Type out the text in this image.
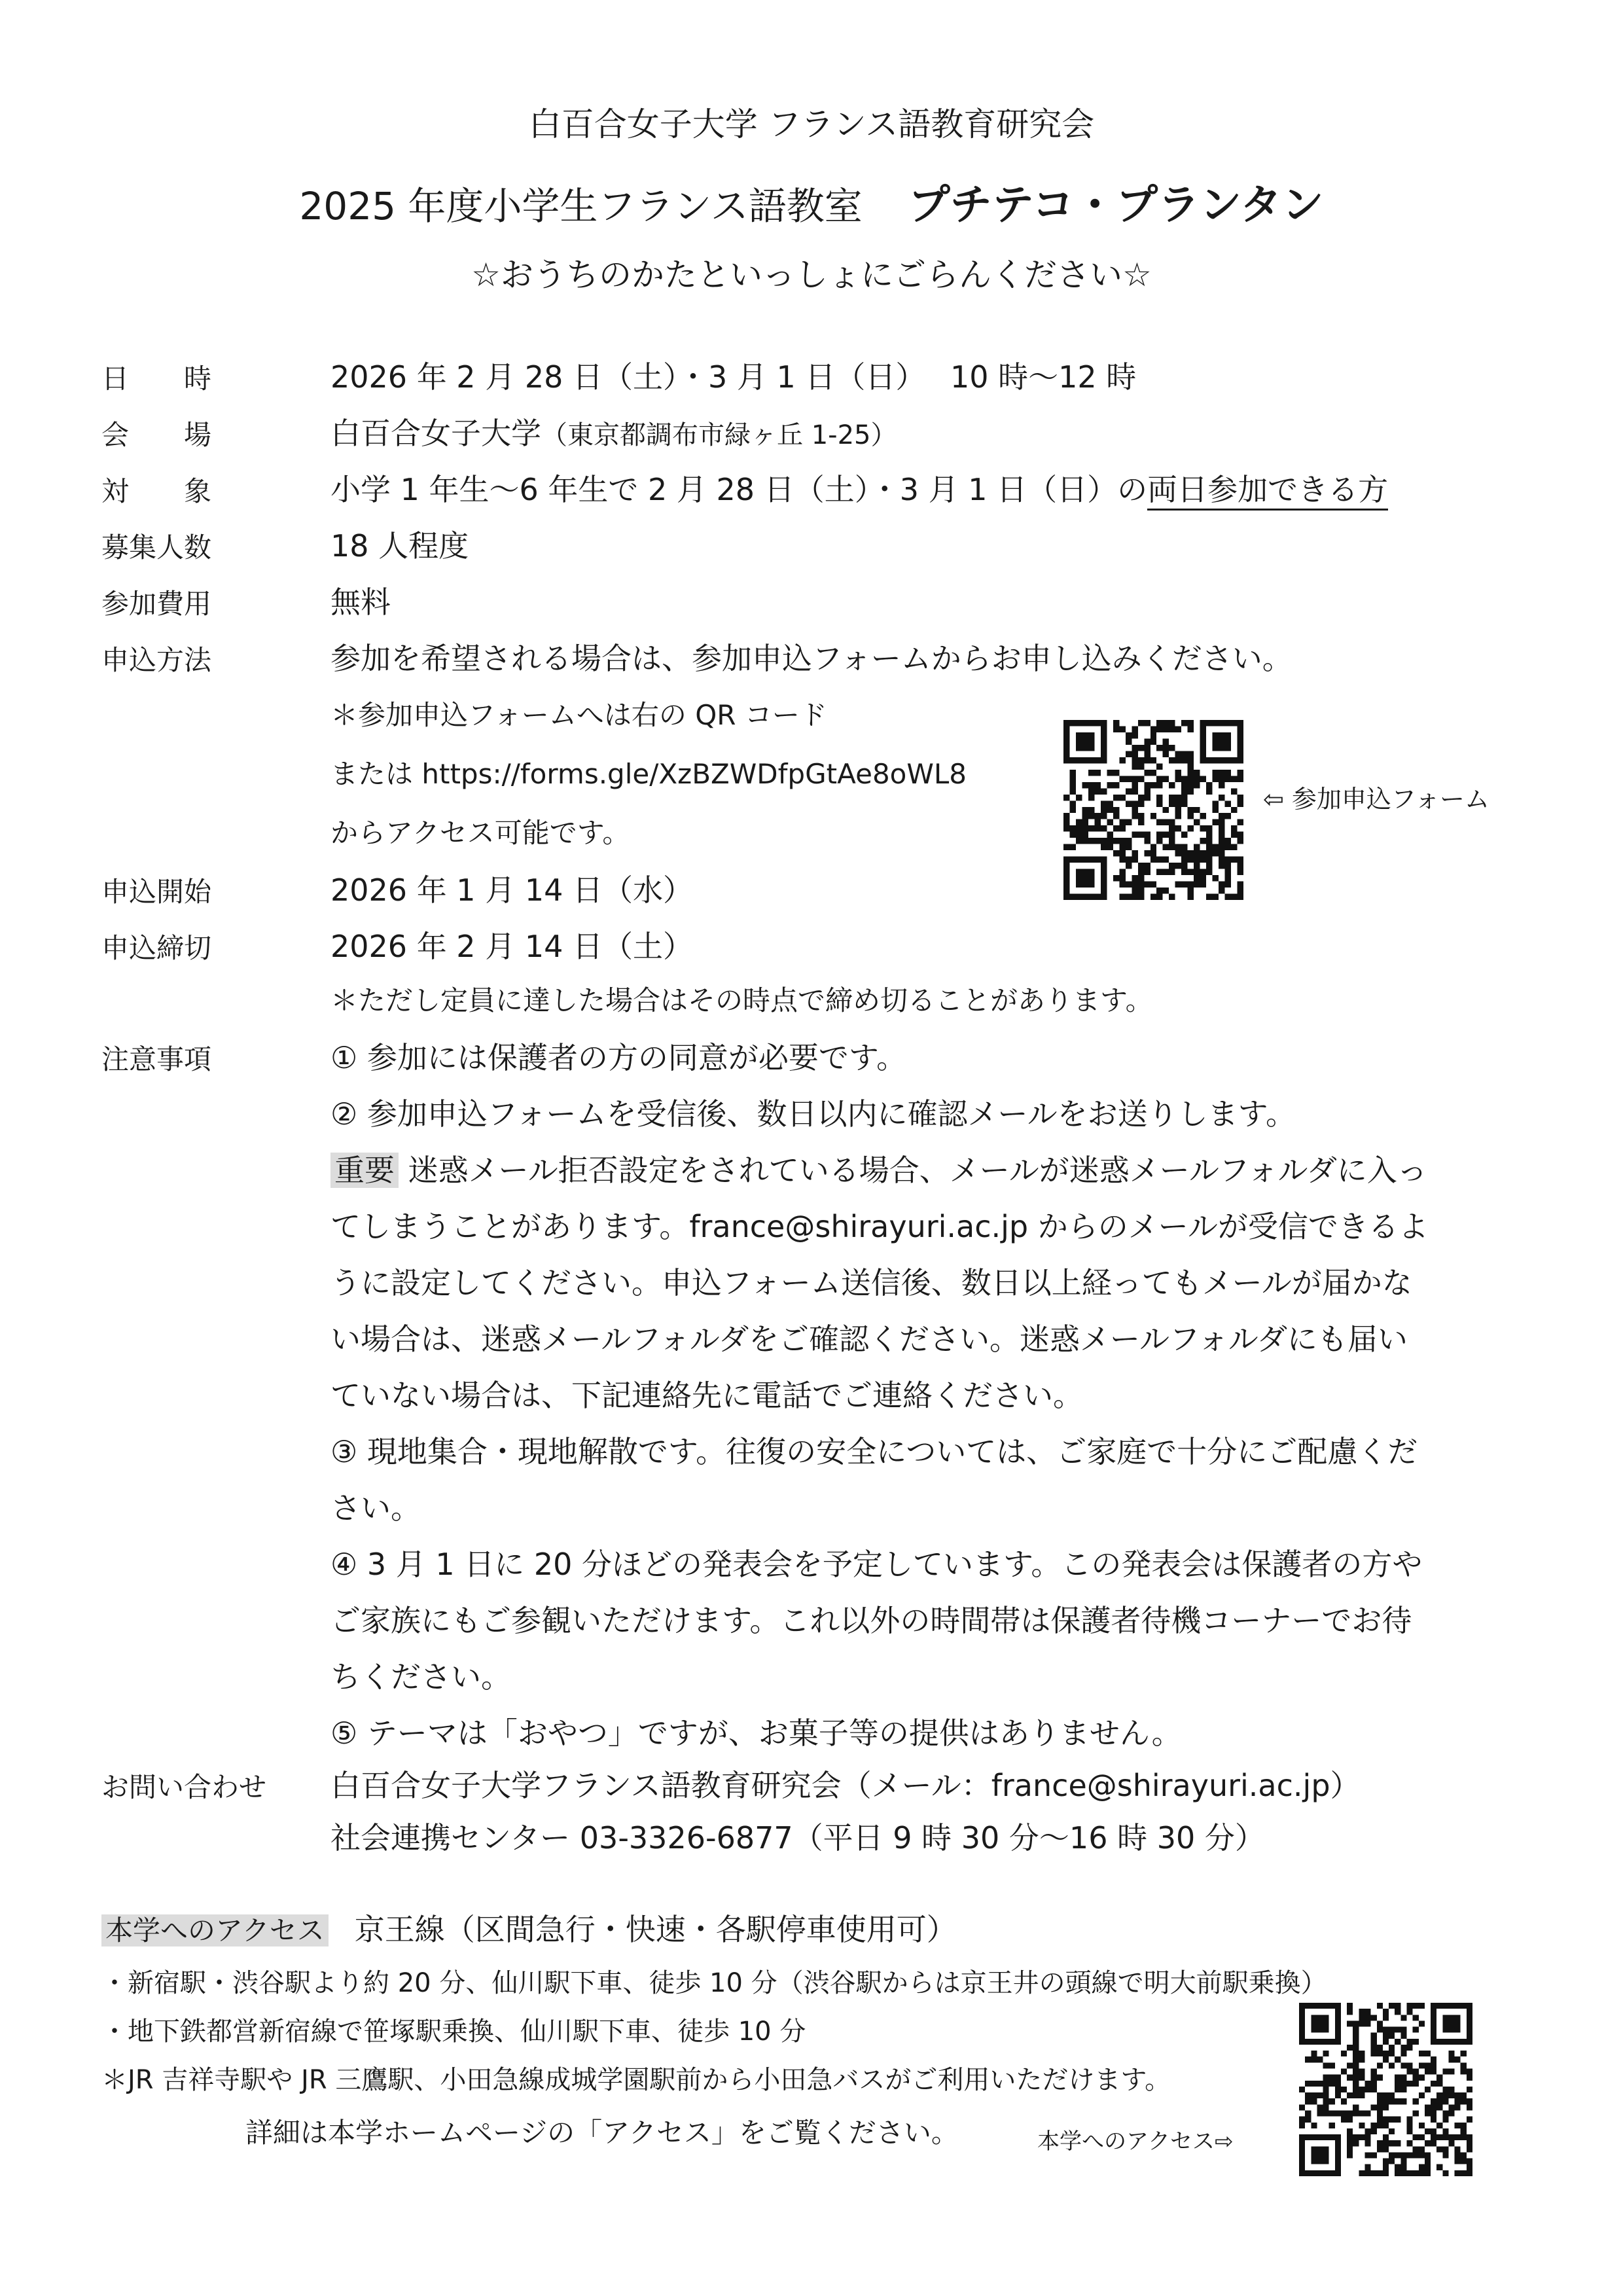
白百合女子大学 フランス語教育研究会
2025 年度小学生フランス語教室 プチテコ・プランタン
☆おうちのかたといっしょにごらんください☆
日　　時	2026 年 2 月 28 日（土）・3 月 1 日（日）　 10 時～12 時
会　　場	白百合女子大学（東京都調布市緑ヶ丘 1-25）
対　　象	小学 1 年生～6 年生で 2 月 28 日（土）・3 月 1 日（日）の両日参加できる方
募集人数	18 人程度
参加費用	無料
申込方法	参加を希望される場合は、参加申込フォームからお申し込みください。
＊参加申込フォームへは右の QR コード
または https://forms.gle/XzBZWDfpGtAe8oWL8
からアクセス可能です。
⇦ 参加申込フォーム
申込開始	2026 年 1 月 14 日（水）
申込締切	2026 年 2 月 14 日（土）
＊ただし定員に達した場合はその時点で締め切ることがあります。
注意事項	① 参加には保護者の方の同意が必要です。
② 参加申込フォームを受信後、数日以内に確認メールをお送りします。
重要 迷惑メール拒否設定をされている場合、メールが迷惑メールフォルダに入っ
てしまうことがあります。france@shirayuri.ac.jp からのメールが受信できるよ
うに設定してください。申込フォーム送信後、数日以上経ってもメールが届かな
い場合は、迷惑メールフォルダをご確認ください。迷惑メールフォルダにも届い
ていない場合は、下記連絡先に電話でご連絡ください。
③ 現地集合・現地解散です。往復の安全については、ご家庭で十分にご配慮くだ
さい。
④ 3 月 1 日に 20 分ほどの発表会を予定しています。この発表会は保護者の方や
ご家族にもご参観いただけます。これ以外の時間帯は保護者待機コーナーでお待
ちください。
⑤ テーマは「おやつ」ですが、お菓子等の提供はありません。
お問い合わせ 白百合女子大学フランス語教育研究会（メール：france@shirayuri.ac.jp）
社会連携センター 03-3326-6877（平日 9 時 30 分～16 時 30 分）
本学へのアクセス 京王線（区間急行・快速・各駅停車使用可）
・新宿駅・渋谷駅より約 20 分、仙川駅下車、徒歩 10 分（渋谷駅からは京王井の頭線で明大前駅乗換）
・地下鉄都営新宿線で笹塚駅乗換、仙川駅下車、徒歩 10 分
＊JR 吉祥寺駅や JR 三鷹駅、小田急線成城学園駅前から小田急バスがご利用いただけます。
詳細は本学ホームページの「アクセス」をご覧ください。	本学へのアクセス⇨
